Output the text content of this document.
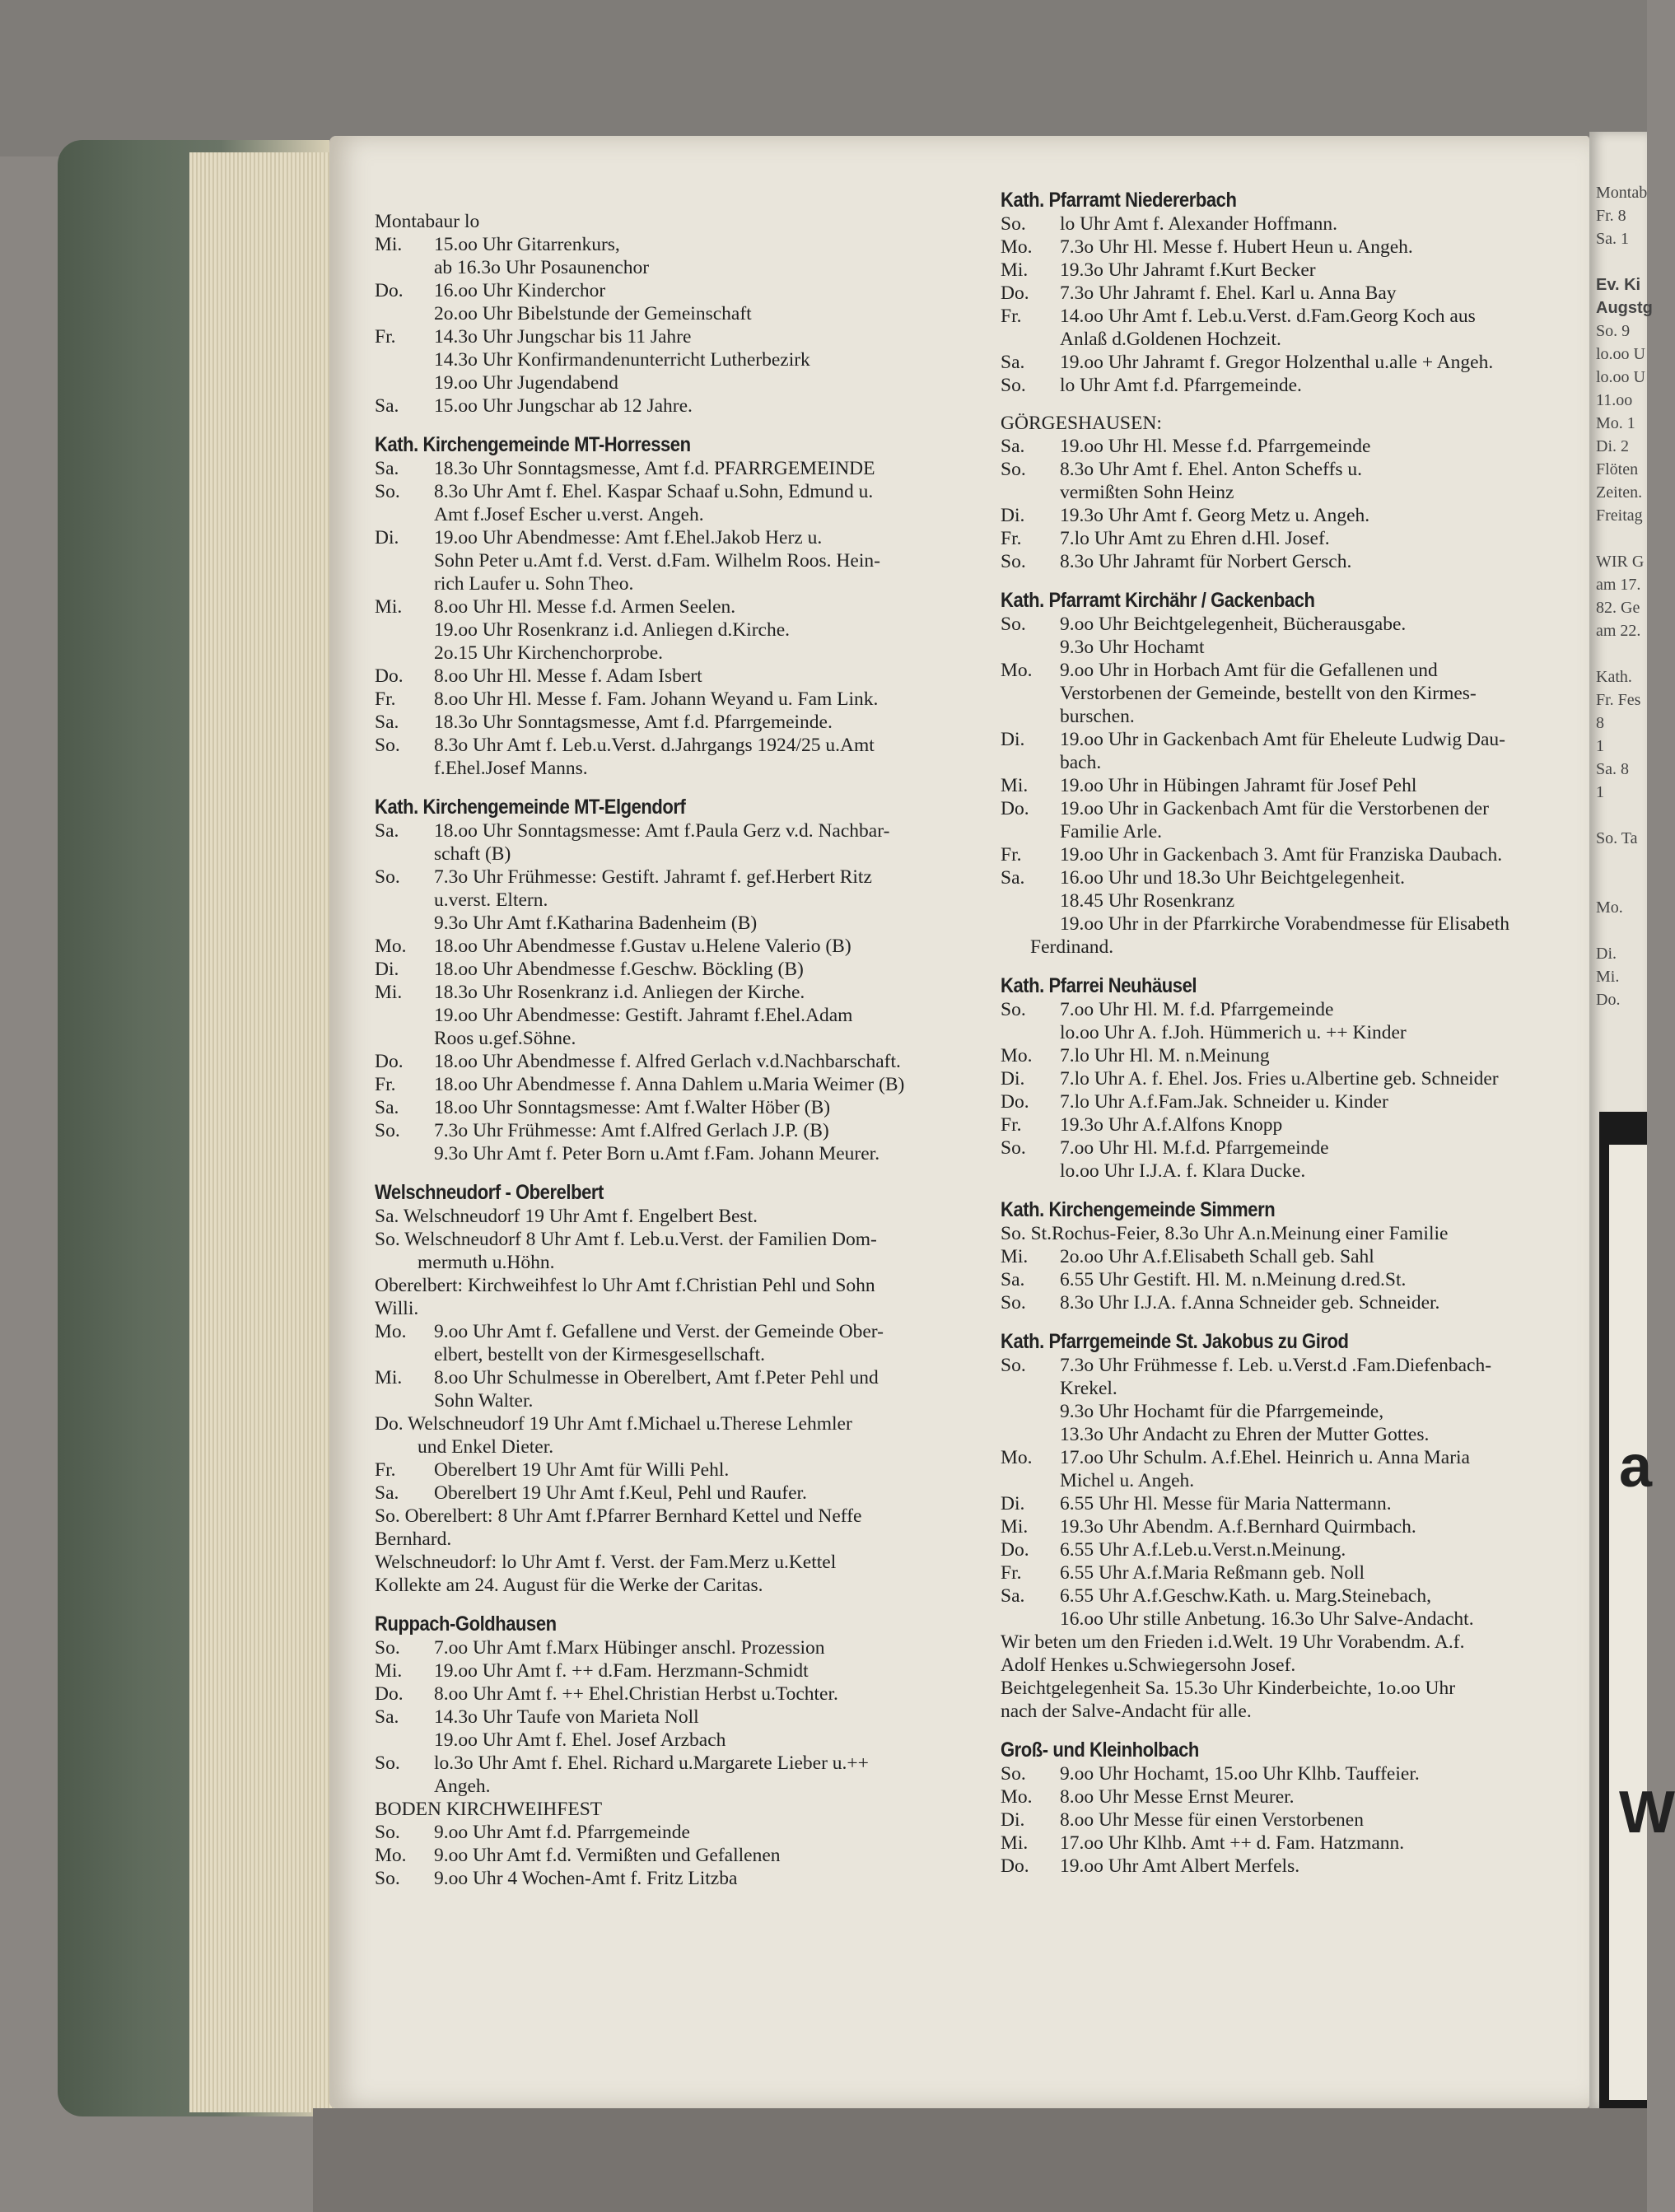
Montab
Fr. 8
Sa. 1

Ev. Ki
Augstg
So. 9
lo.oo U
lo.oo U
11.oo
Mo. 1
Di. 2
Flöten
Zeiten.
Freitag

WIR G
am 17.
82. Ge
am 22.

Kath.
Fr. Fes
8
1
Sa. 8
1

So. Ta

Mo.

Di.
Mi.
Do.
a
W
Montabaur lo
Mi.	15.oo Uhr Gitarrenkurs,
ab 16.3o Uhr Posaunenchor
Do.	16.oo Uhr Kinderchor
2o.oo Uhr Bibelstunde der Gemeinschaft
Fr.	14.3o Uhr Jungschar bis 11 Jahre
14.3o Uhr Konfirmandenunterricht Lutherbezirk
19.oo Uhr Jugendabend
Sa.	15.oo Uhr Jungschar ab 12 Jahre.
Kath. Kirchengemeinde MT-Horressen
Sa.	18.3o Uhr Sonntagsmesse, Amt f.d. PFARRGEMEINDE
So.	8.3o Uhr Amt f. Ehel. Kaspar Schaaf u.Sohn, Edmund u.
Amt f.Josef Escher u.verst. Angeh.
Di.	19.oo Uhr Abendmesse: Amt f.Ehel.Jakob Herz u.
Sohn Peter u.Amt f.d. Verst. d.Fam. Wilhelm Roos. Hein-
rich Laufer u. Sohn Theo.
Mi.	8.oo Uhr Hl. Messe f.d. Armen Seelen.
19.oo Uhr Rosenkranz i.d. Anliegen d.Kirche.
2o.15 Uhr Kirchenchorprobe.
Do.	8.oo Uhr Hl. Messe f. Adam Isbert
Fr.	8.oo Uhr Hl. Messe f. Fam. Johann Weyand u. Fam Link.
Sa.	18.3o Uhr Sonntagsmesse, Amt f.d. Pfarrgemeinde.
So.	8.3o Uhr Amt f. Leb.u.Verst. d.Jahrgangs 1924/25 u.Amt
f.Ehel.Josef Manns.
Kath. Kirchengemeinde MT-Elgendorf
Sa.	18.oo Uhr Sonntagsmesse: Amt f.Paula Gerz v.d. Nachbar-
schaft (B)
So.	7.3o Uhr Frühmesse: Gestift. Jahramt f. gef.Herbert Ritz
u.verst. Eltern.
9.3o Uhr Amt f.Katharina Badenheim (B)
Mo.	18.oo Uhr Abendmesse f.Gustav u.Helene Valerio (B)
Di.	18.oo Uhr Abendmesse f.Geschw. Böckling (B)
Mi.	18.3o Uhr Rosenkranz i.d. Anliegen der Kirche.
19.oo Uhr Abendmesse: Gestift. Jahramt f.Ehel.Adam
Roos u.gef.Söhne.
Do.	18.oo Uhr Abendmesse f. Alfred Gerlach v.d.Nachbarschaft.
Fr.	18.oo Uhr Abendmesse f. Anna Dahlem u.Maria Weimer (B)
Sa.	18.oo Uhr Sonntagsmesse: Amt f.Walter Höber (B)
So.	7.3o Uhr Frühmesse: Amt f.Alfred Gerlach J.P. (B)
9.3o Uhr Amt f. Peter Born u.Amt f.Fam. Johann Meurer.
Welschneudorf - Oberelbert
Sa. Welschneudorf 19 Uhr Amt f. Engelbert Best.
So. Welschneudorf 8 Uhr Amt f. Leb.u.Verst. der Familien Dom-
mermuth u.Höhn.
Oberelbert: Kirchweihfest lo Uhr Amt f.Christian Pehl und Sohn
Willi.
Mo.	9.oo Uhr Amt f. Gefallene und Verst. der Gemeinde Ober-
elbert, bestellt von der Kirmesgesellschaft.
Mi.	8.oo Uhr Schulmesse in Oberelbert, Amt f.Peter Pehl und
Sohn Walter.
Do. Welschneudorf 19 Uhr Amt f.Michael u.Therese Lehmler
und Enkel Dieter.
Fr.	Oberelbert 19 Uhr Amt für Willi Pehl.
Sa.	Oberelbert 19 Uhr Amt f.Keul, Pehl und Raufer.
So. Oberelbert: 8 Uhr Amt f.Pfarrer Bernhard Kettel und Neffe
Bernhard.
Welschneudorf: lo Uhr Amt f. Verst. der Fam.Merz u.Kettel
Kollekte am 24. August für die Werke der Caritas.
Ruppach-Goldhausen
So.	7.oo Uhr Amt f.Marx Hübinger anschl. Prozession
Mi.	19.oo Uhr Amt f. ++ d.Fam. Herzmann-Schmidt
Do.	8.oo Uhr Amt f. ++ Ehel.Christian Herbst u.Tochter.
Sa.	14.3o Uhr Taufe von Marieta Noll
19.oo Uhr Amt f. Ehel. Josef Arzbach
So.	lo.3o Uhr Amt f. Ehel. Richard u.Margarete Lieber u.++
Angeh.
BODEN KIRCHWEIHFEST
So.	9.oo Uhr Amt f.d. Pfarrgemeinde
Mo.	9.oo Uhr Amt f.d. Vermißten und Gefallenen
So.	9.oo Uhr 4 Wochen-Amt f. Fritz Litzba
Kath. Pfarramt Niedererbach
So.	lo Uhr Amt f. Alexander Hoffmann.
Mo.	7.3o Uhr Hl. Messe f. Hubert Heun u. Angeh.
Mi.	19.3o Uhr Jahramt f.Kurt Becker
Do.	7.3o Uhr Jahramt f. Ehel. Karl u. Anna Bay
Fr.	14.oo Uhr Amt f. Leb.u.Verst. d.Fam.Georg Koch aus
Anlaß d.Goldenen Hochzeit.
Sa.	19.oo Uhr Jahramt f. Gregor Holzenthal u.alle + Angeh.
So.	lo Uhr Amt f.d. Pfarrgemeinde.
GÖRGESHAUSEN:
Sa.	19.oo Uhr Hl. Messe f.d. Pfarrgemeinde
So.	8.3o Uhr Amt f. Ehel. Anton Scheffs u.
vermißten Sohn Heinz
Di.	19.3o Uhr Amt f. Georg Metz u. Angeh.
Fr.	7.lo Uhr Amt zu Ehren d.Hl. Josef.
So.	8.3o Uhr Jahramt für Norbert Gersch.
Kath. Pfarramt Kirchähr / Gackenbach
So.	9.oo Uhr Beichtgelegenheit, Bücherausgabe.
9.3o Uhr Hochamt
Mo.	9.oo Uhr in Horbach Amt für die Gefallenen und
Verstorbenen der Gemeinde, bestellt von den Kirmes-
burschen.
Di.	19.oo Uhr in Gackenbach Amt für Eheleute Ludwig Dau-
bach.
Mi.	19.oo Uhr in Hübingen Jahramt für Josef Pehl
Do.	19.oo Uhr in Gackenbach Amt für die Verstorbenen der
Familie Arle.
Fr.	19.oo Uhr in Gackenbach 3. Amt für Franziska Daubach.
Sa.	16.oo Uhr und 18.3o Uhr Beichtgelegenheit.
18.45 Uhr Rosenkranz
19.oo Uhr in der Pfarrkirche Vorabendmesse für Elisabeth
Ferdinand.
Kath. Pfarrei Neuhäusel
So.	7.oo Uhr Hl. M. f.d. Pfarrgemeinde
lo.oo Uhr A. f.Joh. Hümmerich u. ++ Kinder
Mo.	7.lo Uhr Hl. M. n.Meinung
Di.	7.lo Uhr A. f. Ehel. Jos. Fries u.Albertine geb. Schneider
Do.	7.lo Uhr A.f.Fam.Jak. Schneider u. Kinder
Fr.	19.3o Uhr A.f.Alfons Knopp
So.	7.oo Uhr Hl. M.f.d. Pfarrgemeinde
lo.oo Uhr I.J.A. f. Klara Ducke.
Kath. Kirchengemeinde Simmern
So. St.Rochus-Feier, 8.3o Uhr A.n.Meinung einer Familie
Mi.	2o.oo Uhr A.f.Elisabeth Schall geb. Sahl
Sa.	6.55 Uhr Gestift. Hl. M. n.Meinung d.red.St.
So.	8.3o Uhr I.J.A. f.Anna Schneider geb. Schneider.
Kath. Pfarrgemeinde St. Jakobus zu Girod
So.	7.3o Uhr Frühmesse f. Leb. u.Verst.d .Fam.Diefenbach-
Krekel.
9.3o Uhr Hochamt für die Pfarrgemeinde,
13.3o Uhr Andacht zu Ehren der Mutter Gottes.
Mo.	17.oo Uhr Schulm. A.f.Ehel. Heinrich u. Anna Maria
Michel u. Angeh.
Di.	6.55 Uhr Hl. Messe für Maria Nattermann.
Mi.	19.3o Uhr Abendm. A.f.Bernhard Quirmbach.
Do.	6.55 Uhr A.f.Leb.u.Verst.n.Meinung.
Fr.	6.55 Uhr A.f.Maria Reßmann geb. Noll
Sa.	6.55 Uhr A.f.Geschw.Kath. u. Marg.Steinebach,
16.oo Uhr stille Anbetung. 16.3o Uhr Salve-Andacht.
Wir beten um den Frieden i.d.Welt. 19 Uhr Vorabendm. A.f.
Adolf Henkes u.Schwiegersohn Josef.
Beichtgelegenheit Sa. 15.3o Uhr Kinderbeichte, 1o.oo Uhr
nach der Salve-Andacht für alle.
Groß- und Kleinholbach
So.	9.oo Uhr Hochamt, 15.oo Uhr Klhb. Tauffeier.
Mo.	8.oo Uhr Messe Ernst Meurer.
Di.	8.oo Uhr Messe für einen Verstorbenen
Mi.	17.oo Uhr Klhb. Amt ++ d. Fam. Hatzmann.
Do.	19.oo Uhr Amt Albert Merfels.
